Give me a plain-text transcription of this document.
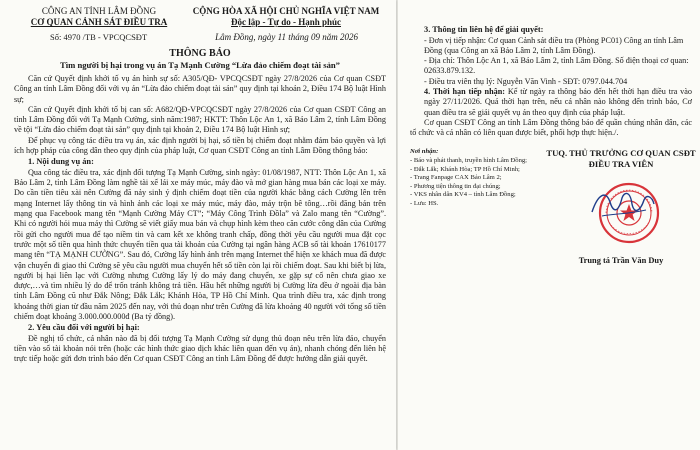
CÔNG AN TỈNH LÂM ĐỒNG
CƠ QUAN CẢNH SÁT ĐIỀU TRA
CỘNG HÒA XÃ HỘI CHỦ NGHĨA VIỆT NAM
Độc lập - Tự do - Hạnh phúc
Số: 4970 /TB - VPCQCSĐT	Lâm Đồng, ngày 11 tháng 09 năm 2026
THÔNG BÁO
Tìm người bị hại trong vụ án Tạ Mạnh Cường “Lừa đảo chiếm đoạt tài sản”

Căn cứ Quyết định khởi tố vụ án hình sự số: A305/QĐ- VPCQCSĐT ngày 27/8/2026 của Cơ quan CSĐT Công an tỉnh Lâm Đồng đối với vụ án “Lừa đảo chiếm đoạt tài sản” quy định tại khoản 2, Điều 174 Bộ luật Hình sự;

Căn cứ Quyết định khởi tố bị can số: A682/QĐ-VPCQCSĐT ngày 27/8/2026 của Cơ quan CSĐT Công an tỉnh Lâm Đồng đối với Tạ Mạnh Cường, sinh năm:1987; HKTT: Thôn Lộc An 1, xã Bảo Lâm 2, tỉnh Lâm Đồng về tội “Lừa đảo chiếm đoạt tài sản” quy định tại khoản 2, Điều 174 Bộ luật Hình sự;

Để phục vụ công tác điều tra vụ án, xác định người bị hại, số tiền bị chiếm đoạt nhằm đảm bảo quyền và lợi ích hợp pháp của công dân theo quy định của pháp luật, Cơ quan CSĐT Công an tỉnh Lâm Đồng thông báo:

1. Nội dung vụ án:

Qua công tác điều tra, xác định đối tượng Tạ Mạnh Cường, sinh ngày: 01/08/1987, NTT: Thôn Lộc An 1, xã Bảo Lâm 2, tỉnh Lâm Đồng làm nghề tài xế lái xe máy múc, máy đào và mở gian hàng mua bán các loại xe máy. Do cần tiền tiêu xài nên Cường đã nảy sinh ý định chiếm đoạt tiền của người khác bằng cách Cường lên trên mạng Internet lấy thông tin và hình ảnh các loại xe máy múc, máy đào, máy trộn bê tông…rồi đăng bán trên mạng qua Facebook mang tên “Mạnh Cường Máy CT”; “Máy Công Trình Đồla” và Zalo mang tên “Cường”. Khi có người hỏi mua máy thì Cường sẽ viết giấy mua bán và chụp hình kèm theo căn cước công dân của Cường rồi gửi cho người mua để tạo niềm tin và cam kết xe không tranh chấp, đồng thời yêu cầu người mua đặt cọc trước một số tiền qua hình thức chuyển tiền qua tài khoản của Cường tại ngân hàng ACB số tài khoản 17610177 mang tên “TẠ MẠNH CƯỜNG”. Sau đó, Cường lấy hình ảnh trên mạng Internet thể hiện xe khách mua đã được vận chuyển đi giao thì Cường sẽ yêu cầu người mua chuyển hết số tiền còn lại rồi chiếm đoạt. Sau khi biết bị lừa, người bị hại liên lạc với Cường nhưng Cường lấy lý do máy đang chuyển, xe gặp sự cố nên chưa giao xe được,…và tìm nhiều lý do để trốn tránh không trả tiền. Hầu hết những người bị Cường lừa đều ở ngoài địa bàn tỉnh Lâm Đồng cũ như Đắk Nông; Đắk Lắk; Khánh Hòa, TP Hồ Chí Minh. Qua trình điều tra, xác định trong khoảng thời gian từ đầu năm 2025 đến nay, với thủ đoạn như trên Cường đã lừa khoảng 40 người với tổng số tiền chiếm đoạt khoảng 3.000.000.000đ (Ba tỷ đồng).

2. Yêu cầu đối với người bị hại:

Đề nghị tổ chức, cá nhân nào đã bị đối tượng Tạ Mạnh Cường sử dụng thủ đoạn nêu trên lừa đảo, chuyển tiền vào số tài khoản nói trên (hoặc các hình thức giao dịch khác liên quan đến vụ án), nhanh chóng đến liên hệ trực tiếp hoặc gửi đơn trình báo đến Cơ quan CSĐT Công an tỉnh Lâm Đồng để được hướng dẫn giải quyết.

3. Thông tin liên hệ để giải quyết:
- Đơn vị tiếp nhận: Cơ quan Cảnh sát điều tra (Phòng PC01) Công an tỉnh Lâm Đồng (qua Công an xã Bảo Lâm 2, tỉnh Lâm Đồng).
- Địa chỉ: Thôn Lộc An 1, xã Bảo Lâm 2, tỉnh Lâm Đồng. Số điện thoại cơ quan: 02633.879.132.
- Điều tra viên thụ lý: Nguyễn Văn Vinh - SĐT: 0797.044.704

4. Thời hạn tiếp nhận: Kể từ ngày ra thông báo đến hết thời hạn điều tra vào ngày 27/11/2026. Quá thời hạn trên, nếu cá nhân nào không đến trình báo, Cơ quan điều tra sẽ giải quyết vụ án theo quy định của pháp luật.

Cơ quan CSĐT Công an tỉnh Lâm Đồng thông báo để quần chúng nhân dân, các tổ chức và cá nhân có liên quan được biết, phối hợp thực hiện./.

Nơi nhận:
- Báo và phát thanh, truyền hình Lâm Đồng;
- Đắk Lắk; Khánh Hòa; TP Hồ Chí Minh;
- Trang Fanpage CAX Bảo Lâm 2;
- Phương tiện thông tin đại chúng;
- VKS nhân dân KV4 – tỉnh Lâm Đồng;
- Lưu: HS.
TUQ. THỦ TRƯỞNG CƠ QUAN CSĐT
ĐIỀU TRA VIÊN
Trung tá Trần Văn Duy
